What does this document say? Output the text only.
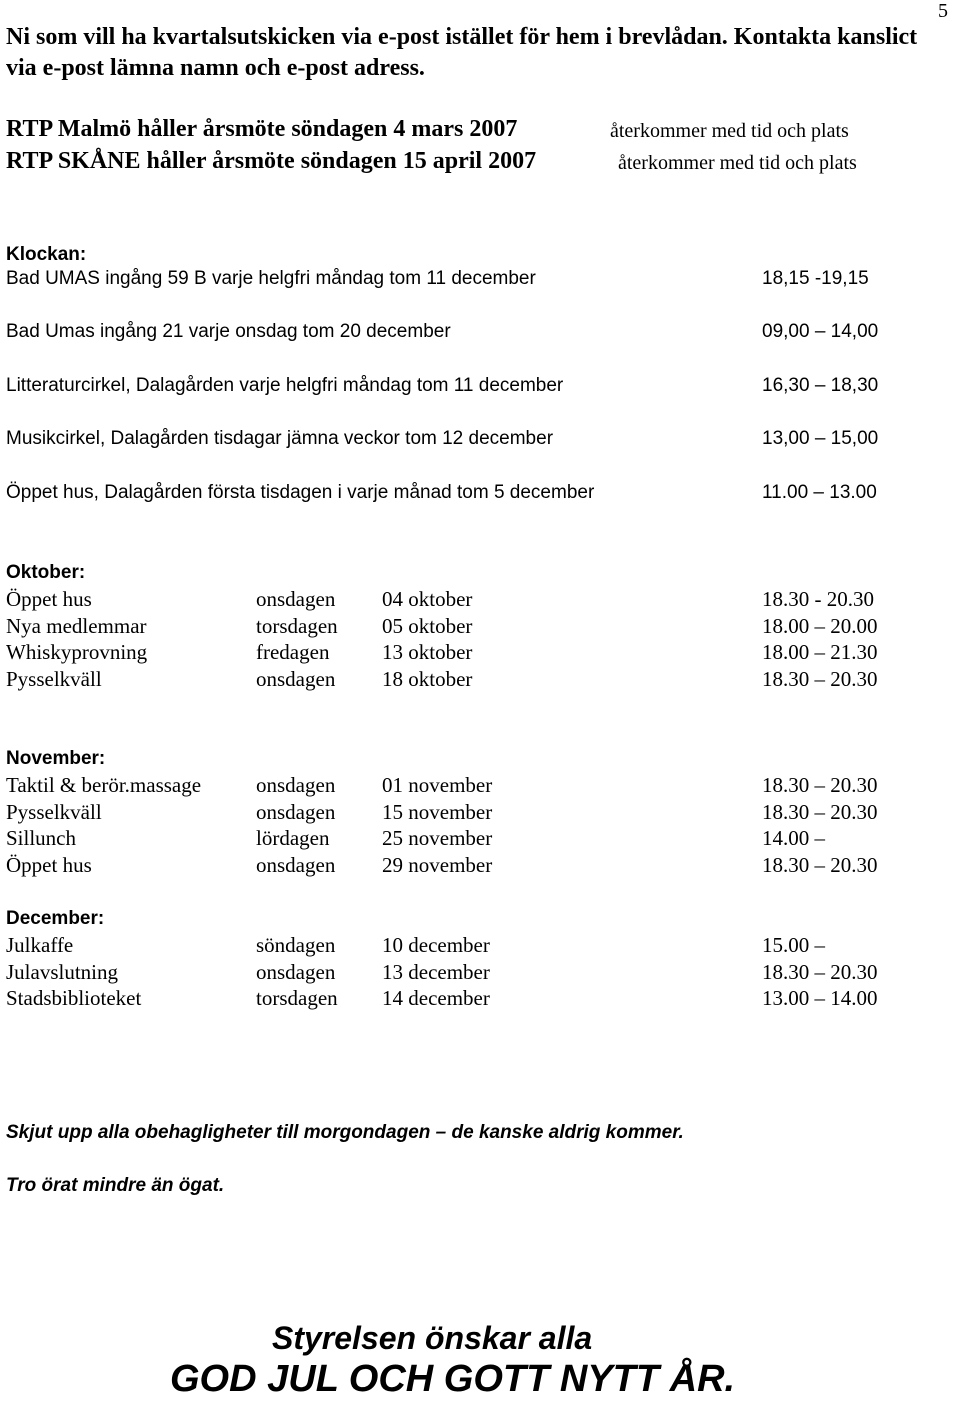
5
Ni som vill ha kvartalsutskicken via e-post istället för hem i brevlådan. Kontakta kanslict via e-post lämna namn och e-post adress.
RTP Malmö håller årsmöte söndagen 4 mars 2007	återkommer med tid och plats
RTP SKÅNE håller årsmöte söndagen 15 april 2007	återkommer med tid och plats
Klockan:
Bad UMAS ingång 59 B varje helgfri måndag tom 11 december	18,15 -19,15
Bad Umas ingång 21 varje onsdag tom 20 december	09,00 – 14,00
Litteraturcirkel, Dalagården varje helgfri måndag tom 11 december	16,30 – 18,30
Musikcirkel, Dalagården tisdagar jämna veckor tom 12 december	13,00 – 15,00
Öppet hus, Dalagården första tisdagen i varje månad tom 5 december	11.00 – 13.00
Oktober:
Öppet hus	onsdagen 04 oktober	18.30 - 20.30
Nya medlemmar	torsdagen 05 oktober	18.00 – 20.00
Whiskyprovning	fredagen	13 oktober	18.00 – 21.30
Pysselkväll	onsdagen 18 oktober	18.30 – 20.30
November:
Taktil & berör.massage	onsdagen 01 november	18.30 – 20.30
Pysselkväll	onsdagen 15 november	18.30 – 20.30
Sillunch	lördagen	25 november	14.00 –
Öppet hus	onsdagen 29 november	18.30 – 20.30
December:
Julkaffe	söndagen 10 december	15.00 –
Julavslutning	onsdagen 13 december	18.30 – 20.30
Stadsbiblioteket	torsdagen 14 december	13.00 – 14.00
Skjut upp alla obehagligheter till morgondagen – de kanske aldrig kommer.
Tro örat mindre än ögat.
Styrelsen önskar alla
GOD JUL OCH GOTT NYTT ÅR.
